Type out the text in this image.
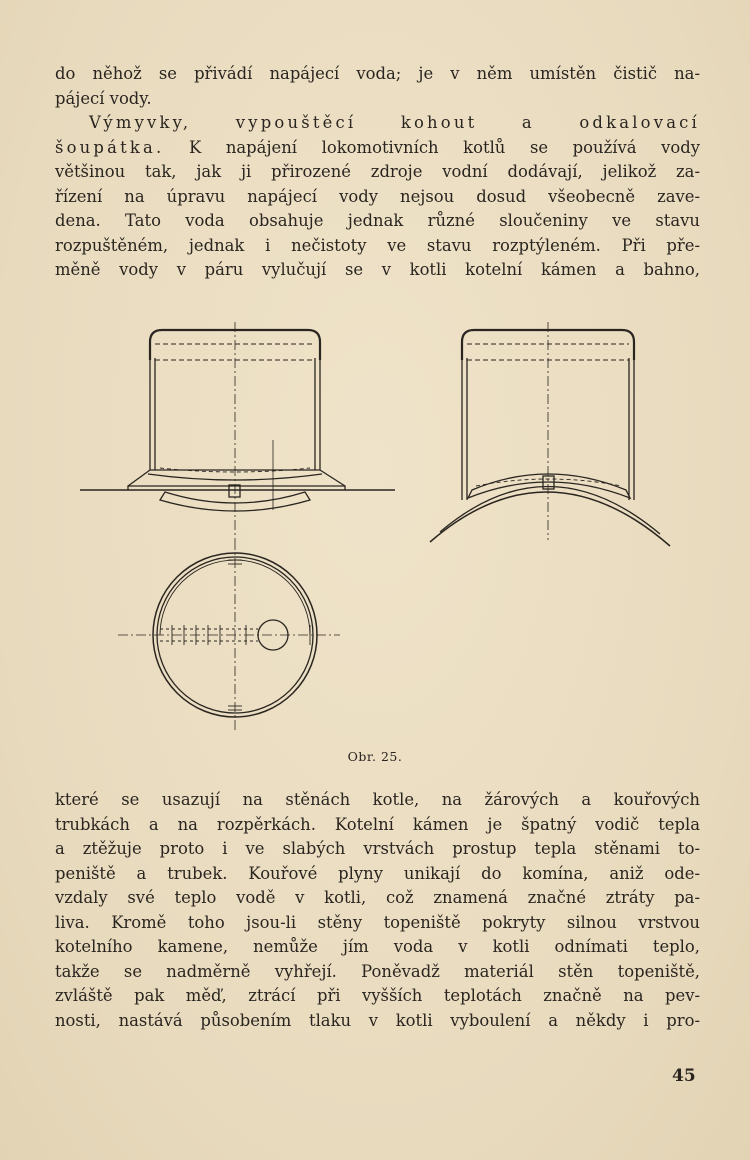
do něhož se přivádí napájecí voda; je v něm umístěn čistič na-
pájecí vody.
Výmyvky, vypouštěcí kohout a odkalovací
šoupátka. K napájení lokomotivních kotlů se používá vody
většinou tak, jak ji přirozené zdroje vodní dodávají, jelikož za-
řízení na úpravu napájecí vody nejsou dosud všeobecně zave-
dena. Tato voda obsahuje jednak různé sloučeniny ve stavu
rozpuštěném, jednak i nečistoty ve stavu rozptýleném. Při pře-
měně vody v páru vylučují se v kotli kotelní kámen a bahno,
Obr. 25.
které se usazují na stěnách kotle, na žárových a kouřových
trubkách a na rozpěrkách. Kotelní kámen je špatný vodič tepla
a ztěžuje proto i ve slabých vrstvách prostup tepla stěnami to-
peniště a trubek. Kouřové plyny unikají do komína, aniž ode-
vzdaly své teplo vodě v kotli, což znamená značné ztráty pa-
liva. Kromě toho jsou-li stěny topeniště pokryty silnou vrstvou
kotelního kamene, nemůže jím voda v kotli odnímati teplo,
takže se nadměrně vyhřejí. Poněvadž materiál stěn topeniště,
zvláště pak měď, ztrácí při vyšších teplotách značně na pev-
nosti, nastává působením tlaku v kotli vyboulení a někdy i pro-
45
